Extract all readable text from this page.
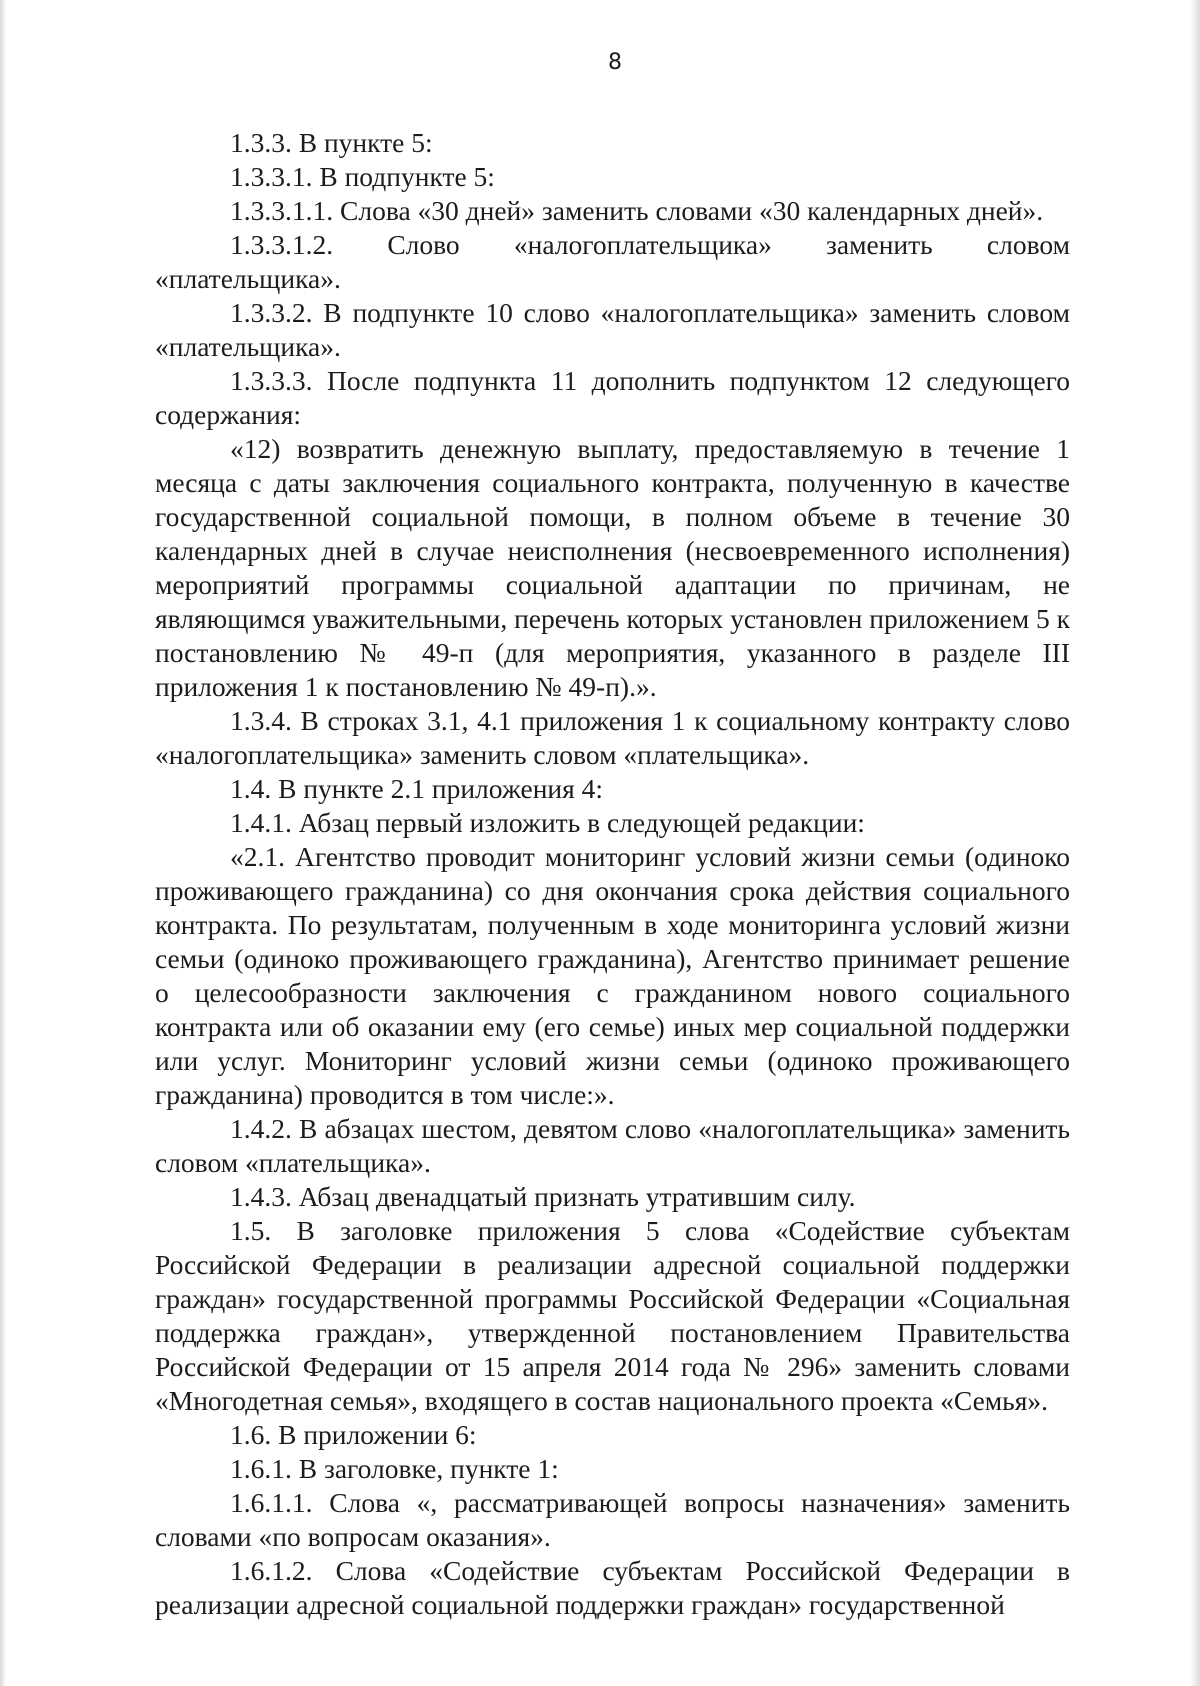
8

1.3.3. В пункте 5:

1.3.3.1. В подпункте 5:

1.3.3.1.1. Слова «30 дней» заменить словами «30 календарных дней».

1.3.3.1.2. Слово «налогоплательщика» заменить словом «плательщика».

1.3.3.2. В подпункте 10 слово «налогоплательщика» заменить словом «плательщика».

1.3.3.3. После подпункта 11 дополнить подпунктом 12 следующего содержания:

«12) возвратить денежную выплату, предоставляемую в течение 1 месяца с даты заключения социального контракта, полученную в качестве государственной социальной помощи, в полном объеме в течение 30 календарных дней в случае неисполнения (несвоевременного исполнения) мероприятий программы социальной адаптации по причинам, не являющимся уважительными, перечень которых установлен приложением 5 к постановлению № 49-п (для мероприятия, указанного в разделе III приложения 1 к постановлению № 49-п).».

1.3.4. В строках 3.1, 4.1 приложения 1 к социальному контракту слово «налогоплательщика» заменить словом «плательщика».

1.4. В пункте 2.1 приложения 4:

1.4.1. Абзац первый изложить в следующей редакции:

«2.1. Агентство проводит мониторинг условий жизни семьи (одиноко проживающего гражданина) со дня окончания срока действия социального контракта. По результатам, полученным в ходе мониторинга условий жизни семьи (одиноко проживающего гражданина), Агентство принимает решение о целесообразности заключения с гражданином нового социального контракта или об оказании ему (его семье) иных мер социальной поддержки или услуг. Мониторинг условий жизни семьи (одиноко проживающего гражданина) проводится в том числе:».

1.4.2. В абзацах шестом, девятом слово «налогоплательщика» заменить словом «плательщика».

1.4.3. Абзац двенадцатый признать утратившим силу.

1.5. В заголовке приложения 5 слова «Содействие субъектам Российской Федерации в реализации адресной социальной поддержки граждан» государственной программы Российской Федерации «Социальная поддержка граждан», утвержденной постановлением Правительства Российской Федерации от 15 апреля 2014 года № 296» заменить словами «Многодетная семья», входящего в состав национального проекта «Семья».

1.6. В приложении 6:

1.6.1. В заголовке, пункте 1:

1.6.1.1. Слова «, рассматривающей вопросы назначения» заменить словами «по вопросам оказания».

1.6.1.2. Слова «Содействие субъектам Российской Федерации в реализации адресной социальной поддержки граждан» государственной
